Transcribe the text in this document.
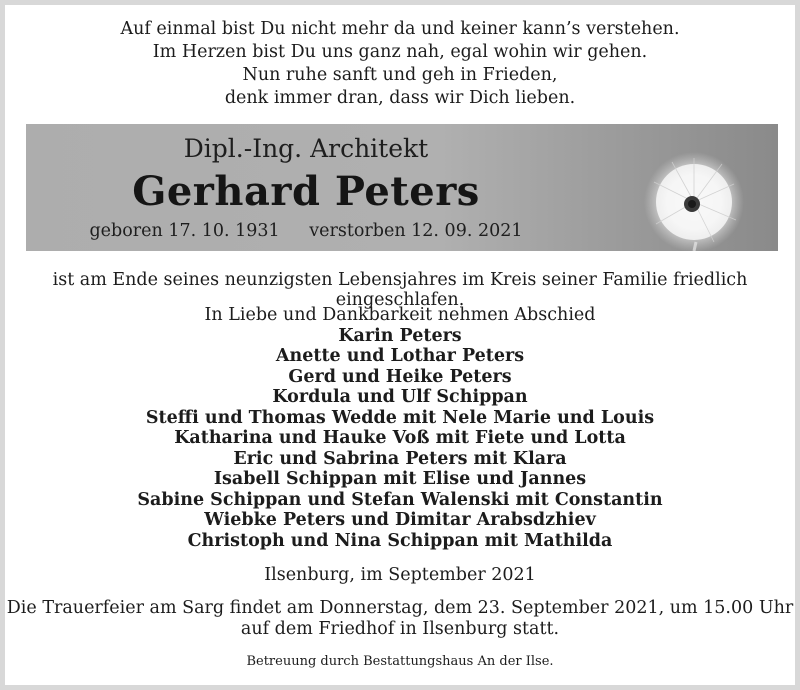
Auf einmal bist Du nicht mehr da und keiner kann’s verstehen.
Im Herzen bist Du uns ganz nah, egal wohin wir gehen.
Nun ruhe sanft und geh in Frieden,
denk immer dran, dass wir Dich lieben.
Dipl.-Ing. Architekt
Gerhard Peters
geboren 17. 10. 1931 verstorben 12. 09. 2021
ist am Ende seines neunzigsten Lebensjahres im Kreis seiner Familie friedlich eingeschlafen.
In Liebe und Dankbarkeit nehmen Abschied
Karin Peters
Anette und Lothar Peters
Gerd und Heike Peters
Kordula und Ulf Schippan
Steffi und Thomas Wedde mit Nele Marie und Louis
Katharina und Hauke Voß mit Fiete und Lotta
Eric und Sabrina Peters mit Klara
Isabell Schippan mit Elise und Jannes
Sabine Schippan und Stefan Walenski mit Constantin
Wiebke Peters und Dimitar Arabsdzhiev
Christoph und Nina Schippan mit Mathilda
Ilsenburg, im September 2021
Die Trauerfeier am Sarg findet am Donnerstag, dem 23. September 2021, um 15.00 Uhr
auf dem Friedhof in Ilsenburg statt.
Betreuung durch Bestattungshaus An der Ilse.
